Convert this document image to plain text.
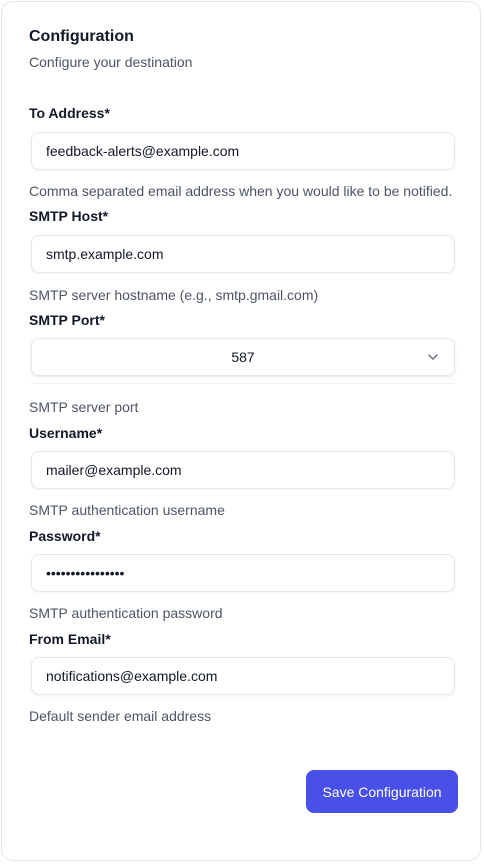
Configuration
Configure your destination
To Address*
feedback-alerts@example.com
Comma separated email address when you would like to be notified.
SMTP Host*
smtp.example.com
SMTP server hostname (e.g., smtp.gmail.com)
SMTP Port*
587
SMTP server port
Username*
mailer@example.com
SMTP authentication username
Password*
••••••••••••••••
SMTP authentication password
From Email*
notifications@example.com
Default sender email address
Save Configuration
